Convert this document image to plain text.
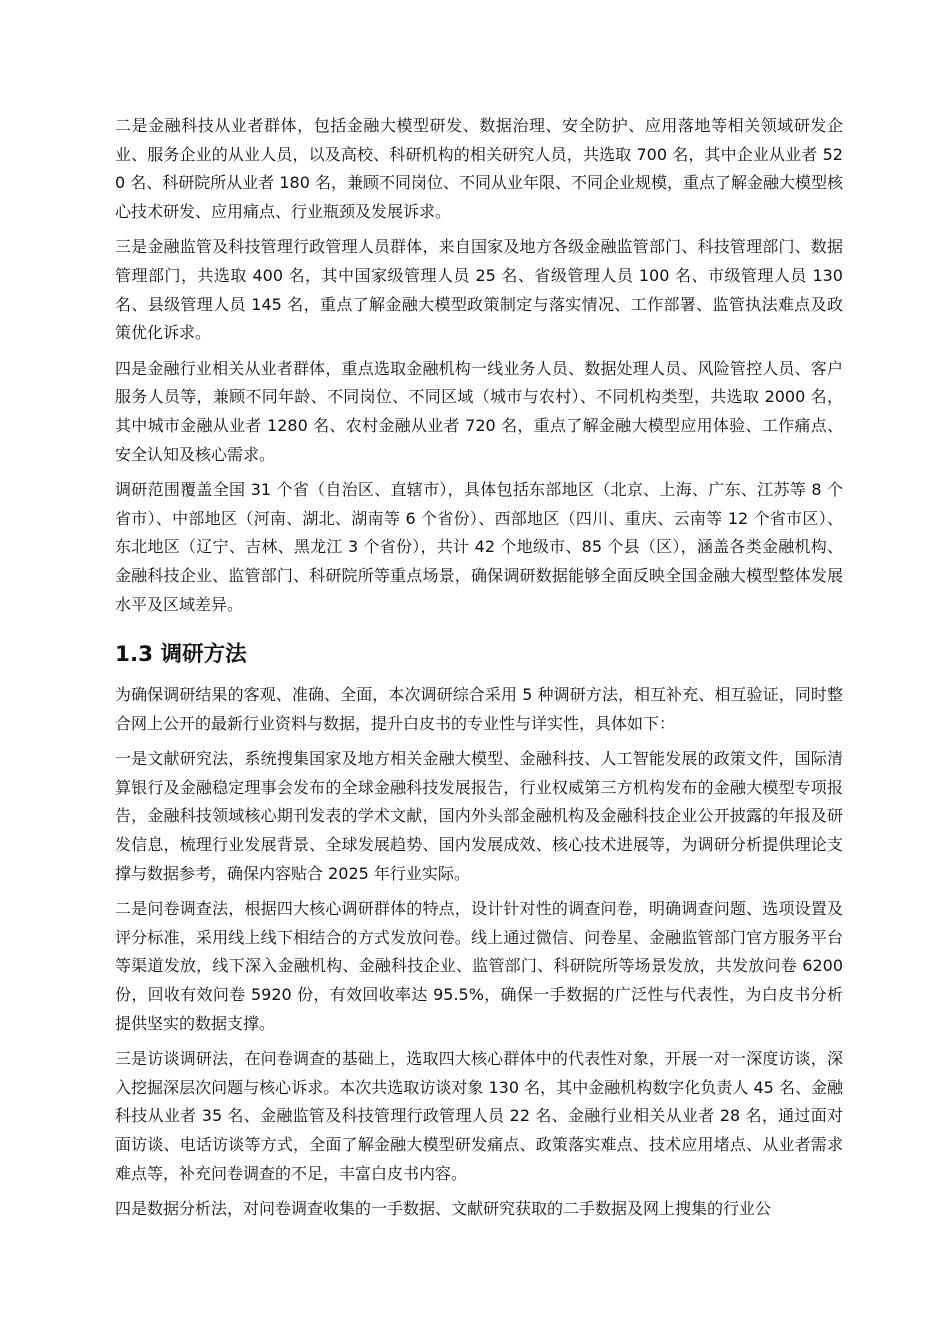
二是金融科技从业者群体，包括金融大模型研发、数据治理、安全防护、应用落地等相关领域研发企业、服务企业的从业人员，以及高校、科研机构的相关研究人员，共选取 700 名，其中企业从业者 520 名、科研院所从业者 180 名，兼顾不同岗位、不同从业年限、不同企业规模，重点了解金融大模型核心技术研发、应用痛点、行业瓶颈及发展诉求。

三是金融监管及科技管理行政管理人员群体，来自国家及地方各级金融监管部门、科技管理部门、数据管理部门，共选取 400 名，其中国家级管理人员 25 名、省级管理人员 100 名、市级管理人员 130 名、县级管理人员 145 名，重点了解金融大模型政策制定与落实情况、工作部署、监管执法难点及政策优化诉求。

四是金融行业相关从业者群体，重点选取金融机构一线业务人员、数据处理人员、风险管控人员、客户服务人员等，兼顾不同年龄、不同岗位、不同区域（城市与农村）、不同机构类型，共选取 2000 名，其中城市金融从业者 1280 名、农村金融从业者 720 名，重点了解金融大模型应用体验、工作痛点、安全认知及核心需求。

调研范围覆盖全国 31 个省（自治区、直辖市），具体包括东部地区（北京、上海、广东、江苏等 8 个省市）、中部地区（河南、湖北、湖南等 6 个省份）、西部地区（四川、重庆、云南等 12 个省市区）、东北地区（辽宁、吉林、黑龙江 3 个省份），共计 42 个地级市、85 个县（区），涵盖各类金融机构、金融科技企业、监管部门、科研院所等重点场景，确保调研数据能够全面反映全国金融大模型整体发展水平及区域差异。

1.3 调研方法

为确保调研结果的客观、准确、全面，本次调研综合采用 5 种调研方法，相互补充、相互验证，同时整合网上公开的最新行业资料与数据，提升白皮书的专业性与详实性，具体如下：

一是文献研究法，系统搜集国家及地方相关金融大模型、金融科技、人工智能发展的政策文件，国际清算银行及金融稳定理事会发布的全球金融科技发展报告，行业权威第三方机构发布的金融大模型专项报告，金融科技领域核心期刊发表的学术文献，国内外头部金融机构及金融科技企业公开披露的年报及研发信息，梳理行业发展背景、全球发展趋势、国内发展成效、核心技术进展等，为调研分析提供理论支撑与数据参考，确保内容贴合 2025 年行业实际。

二是问卷调查法，根据四大核心调研群体的特点，设计针对性的调查问卷，明确调查问题、选项设置及评分标准，采用线上线下相结合的方式发放问卷。线上通过微信、问卷星、金融监管部门官方服务平台等渠道发放，线下深入金融机构、金融科技企业、监管部门、科研院所等场景发放，共发放问卷 6200 份，回收有效问卷 5920 份，有效回收率达 95.5%，确保一手数据的广泛性与代表性，为白皮书分析提供坚实的数据支撑。

三是访谈调研法，在问卷调查的基础上，选取四大核心群体中的代表性对象，开展一对一深度访谈，深入挖掘深层次问题与核心诉求。本次共选取访谈对象 130 名，其中金融机构数字化负责人 45 名、金融科技从业者 35 名、金融监管及科技管理行政管理人员 22 名、金融行业相关从业者 28 名，通过面对面访谈、电话访谈等方式，全面了解金融大模型研发痛点、政策落实难点、技术应用堵点、从业者需求难点等，补充问卷调查的不足，丰富白皮书内容。

四是数据分析法，对问卷调查收集的一手数据、文献研究获取的二手数据及网上搜集的行业公
